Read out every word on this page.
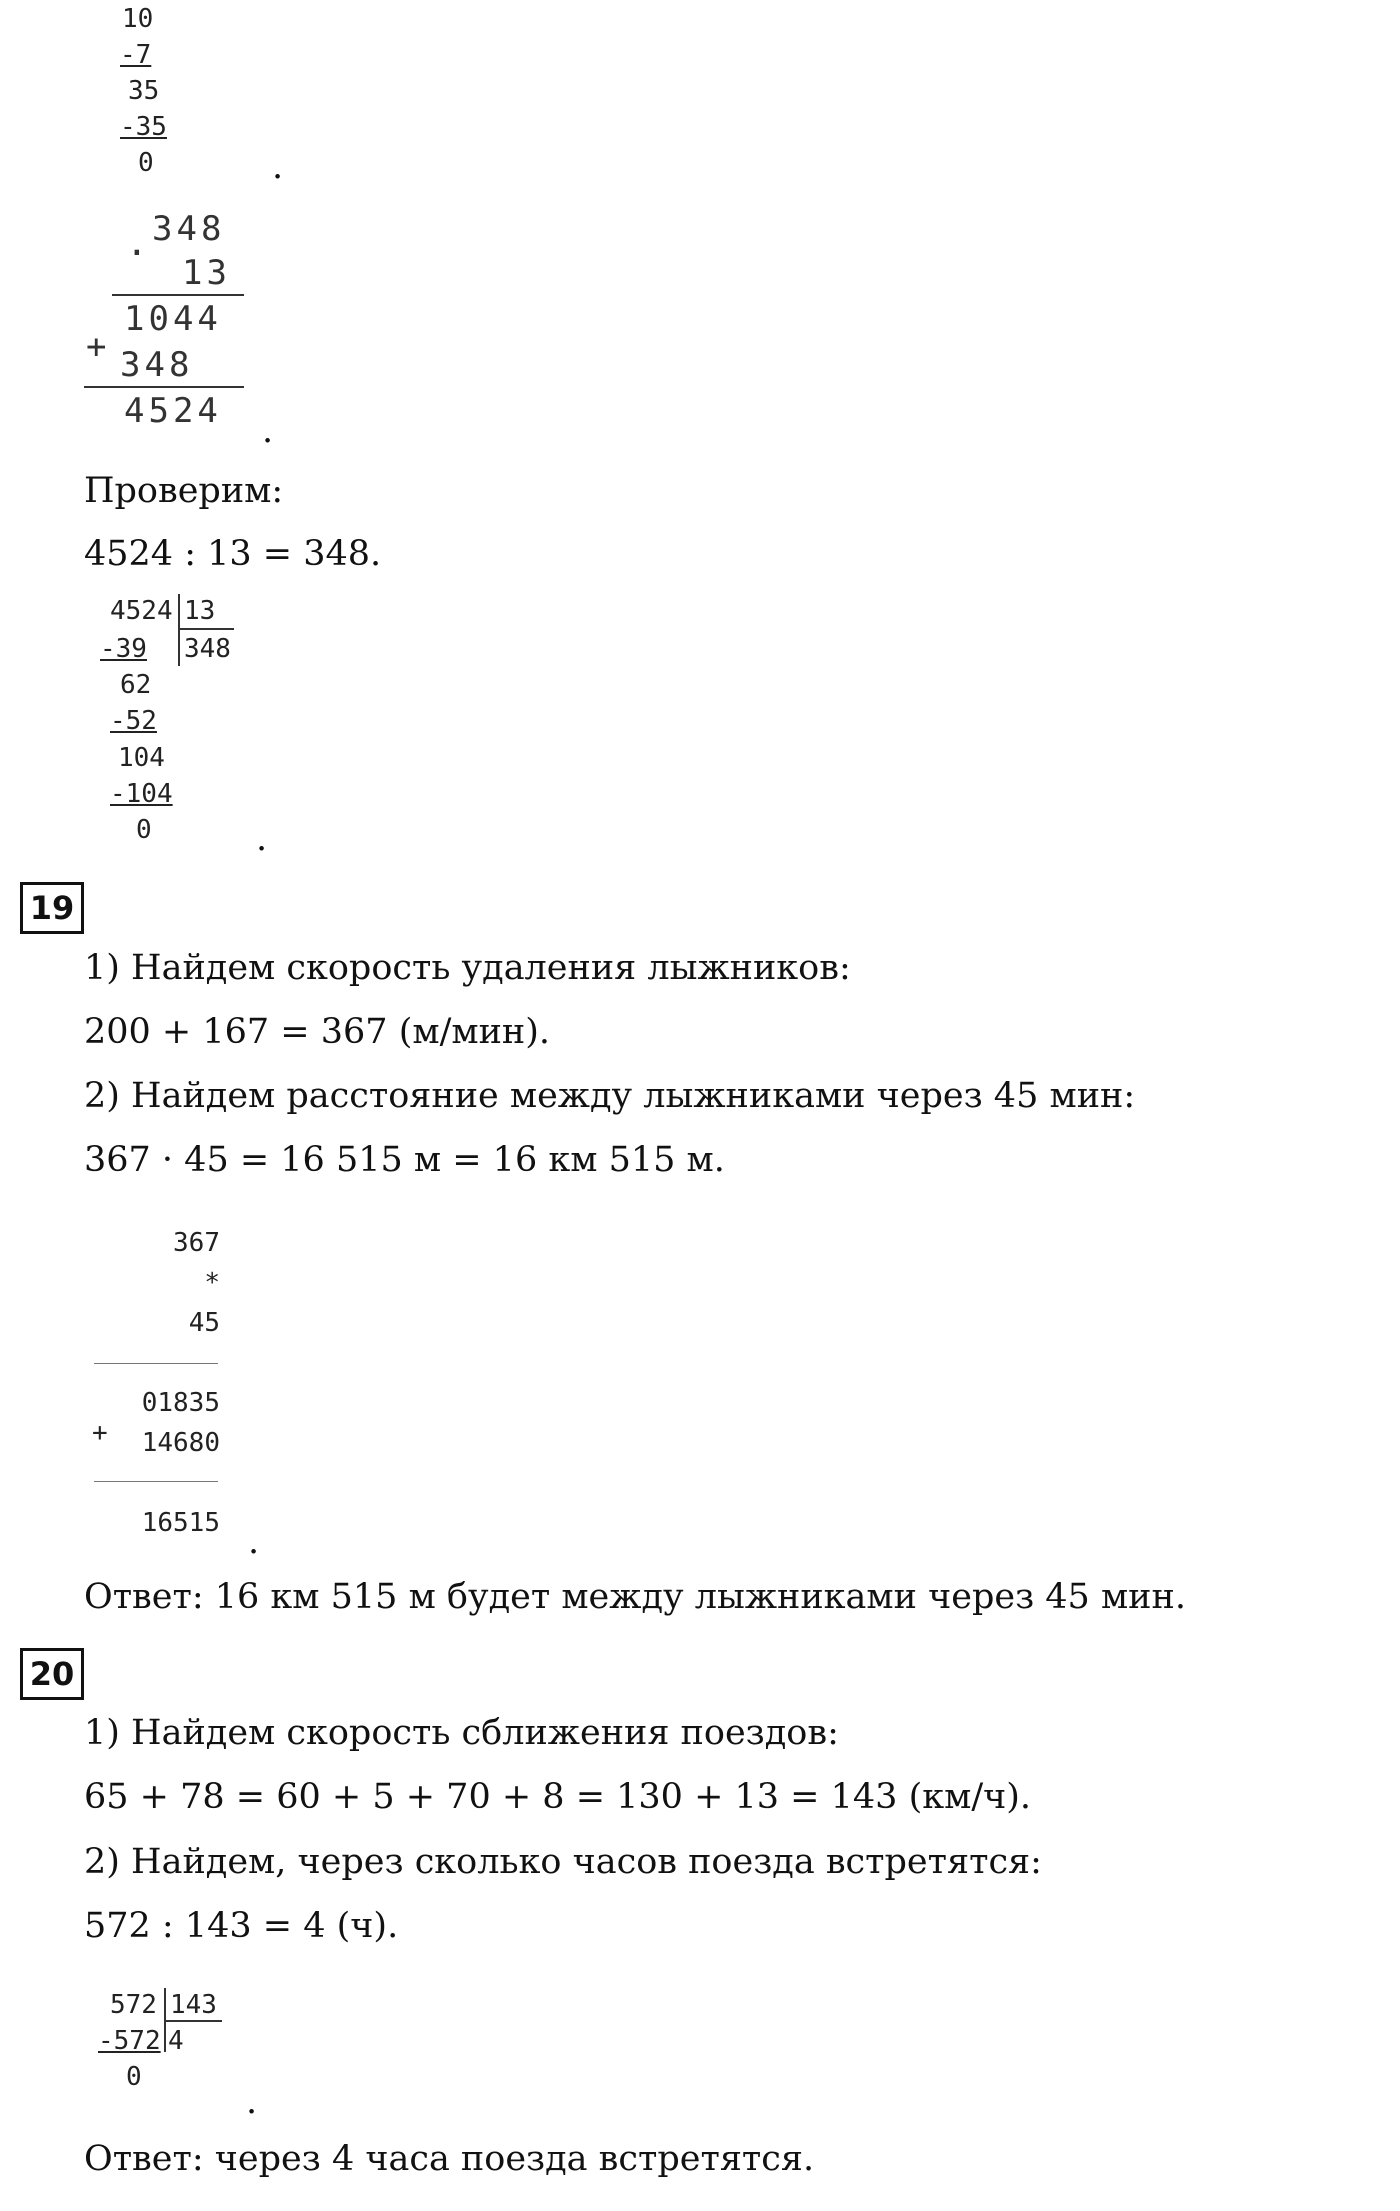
10
-7
35
-35
0	.
·
348
13
1044
+ 348
4524 .
Проверим:
4524 : 13 = 348.
4524 13
348
-39
62
-52
104
-104
0	.
19
1) Найдем скорость удаления лыжников:
200 + 167 = 367 (м/мин).
2) Найдем расстояние между лыжниками через 45 мин:
367 · 45 = 16 515 м = 16 км 515 м.
367
*
45
+
01835
14680
16515 .
Ответ: 16 км 515 м будет между лыжниками через 45 мин.
20
1) Найдем скорость сближения поездов:
65 + 78 = 60 + 5 + 70 + 8 = 130 + 13 = 143 (км/ч).
2) Найдем, через сколько часов поезда встретятся:
572 : 143 = 4 (ч).
572 143
4
-572
0
.
Ответ: через 4 часа поезда встретятся.
